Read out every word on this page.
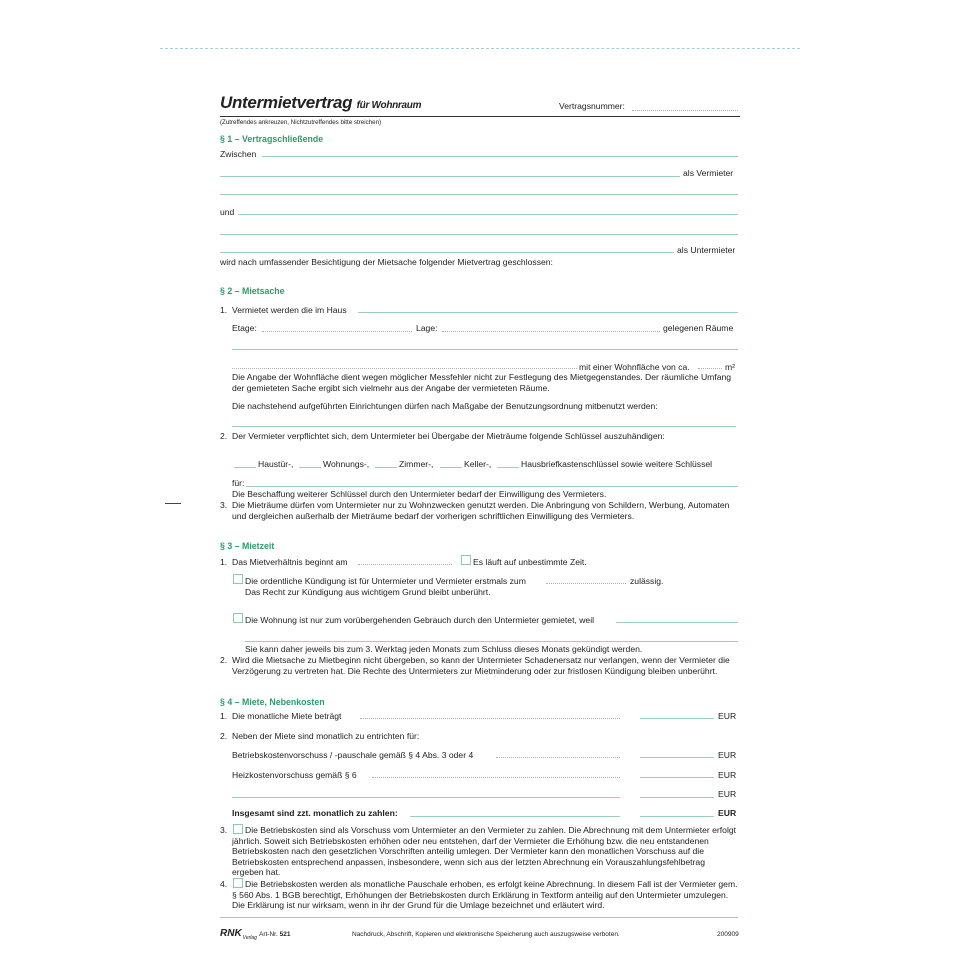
Untermietvertrag für Wohnraum	Vertragsnummer:
(Zutreffendes ankreuzen, Nichtzutreffendes bitte streichen)
§ 1 – Vertragschließende
Zwischen
als Vermieter
und
als Untermieter
wird nach umfassender Besichtigung der Mietsache folgender Mietvertrag geschlossen:
§ 2 – Mietsache
1. Vermietet werden die im Haus
Etage:	Lage:	gelegenen Räume
mit einer Wohnfläche von ca.	m²
Die Angabe der Wohnfläche dient wegen möglicher Messfehler nicht zur Festlegung des Mietgegenstandes. Der räumliche Umfang der gemieteten Sache ergibt sich vielmehr aus der Angabe der vermieteten Räume.
Die nachstehend aufgeführten Einrichtungen dürfen nach Maßgabe der Benutzungsordnung mitbenutzt werden:
2. Der Vermieter verpflichtet sich, dem Untermieter bei Übergabe der Mieträume folgende Schlüssel auszuhändigen:
Haustür-,	Wohnungs-,	Zimmer-,	Keller-,	Hausbriefkastenschlüssel sowie weitere Schlüssel
für:
Die Beschaffung weiterer Schlüssel durch den Untermieter bedarf der Einwilligung des Vermieters.
3. Die Mieträume dürfen vom Untermieter nur zu Wohnzwecken genutzt werden. Die Anbringung von Schildern, Werbung, Automaten und dergleichen außerhalb der Mieträume bedarf der vorherigen schriftlichen Einwilligung des Vermieters.
§ 3 – Mietzeit
1. Das Mietverhältnis beginnt am	Es läuft auf unbestimmte Zeit.
Die ordentliche Kündigung ist für Untermieter und Vermieter erstmals zum	zulässig.
Das Recht zur Kündigung aus wichtigem Grund bleibt unberührt.
Die Wohnung ist nur zum vorübergehenden Gebrauch durch den Untermieter gemietet, weil
Sie kann daher jeweils bis zum 3. Werktag jeden Monats zum Schluss dieses Monats gekündigt werden.
2. Wird die Mietsache zu Mietbeginn nicht übergeben, so kann der Untermieter Schadenersatz nur verlangen, wenn der Vermieter die Verzögerung zu vertreten hat. Die Rechte des Untermieters zur Mietminderung oder zur fristlosen Kündigung bleiben unberührt.
§ 4 – Miete, Nebenkosten
1. Die monatliche Miete beträgt	EUR
2. Neben der Miete sind monatlich zu entrichten für:
Betriebskostenvorschuss / -pauschale gemäß § 4 Abs. 3 oder 4	EUR
Heizkostenvorschuss gemäß § 6	EUR
EUR
Insgesamt sind zzt. monatlich zu zahlen:	EUR
3.	Die Betriebskosten sind als Vorschuss vom Untermieter an den Vermieter zu zahlen. Die Abrechnung mit dem Untermieter erfolgt jährlich. Soweit sich Betriebskosten erhöhen oder neu entstehen, darf der Vermieter die Erhöhung bzw. die neu entstandenen Betriebskosten nach den gesetzlichen Vorschriften anteilig umlegen. Der Vermieter kann den monatlichen Vorschuss auf die Betriebskosten entsprechend anpassen, insbesondere, wenn sich aus der letzten Abrechnung ein Vorauszahlungsfehlbetrag ergeben hat.
4.	Die Betriebskosten werden als monatliche Pauschale erhoben, es erfolgt keine Abrechnung. In diesem Fall ist der Vermieter gem. § 560 Abs. 1 BGB berechtigt, Erhöhungen der Betriebskosten durch Erklärung in Textform anteilig auf den Untermieter umzulegen. Die Erklärung ist nur wirksam, wenn in ihr der Grund für die Umlage bezeichnet und erläutert wird.
$RNK_{Verlag}$ Art-Nr. 521	Nachdruck, Abschrift, Kopieren und elektronische Speicherung auch auszugsweise verboten.	200909
